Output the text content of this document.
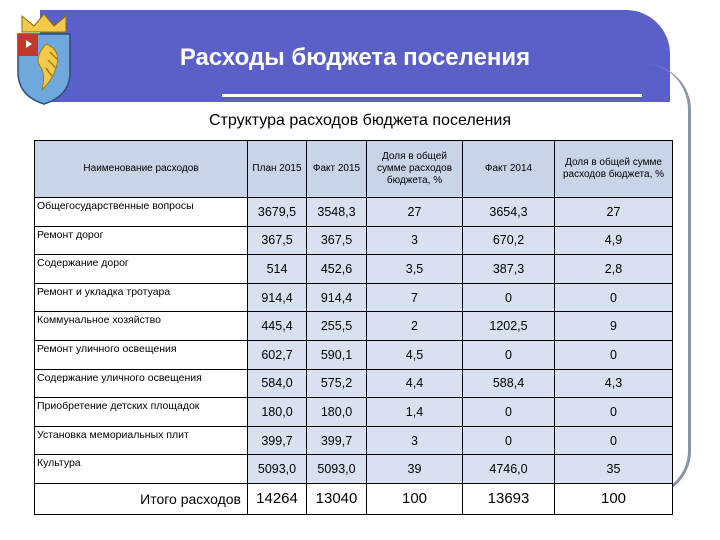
Расходы бюджета поселения
Структура расходов бюджета поселения
Наименование расходов	План 2015	Факт 2015	Доля в общей сумме расходов бюджета, %	Факт 2014	Доля в общей сумме расходов бюджета, %
Общегосударственные вопросы	3679,5	3548,3	27	3654,3	27
Ремонт дорог	367,5	367,5	3	670,2	4,9
Содержание дорог	514	452,6	3,5	387,3	2,8
Ремонт и укладка тротуара	914,4	914,4	7	0	0
Коммунальное хозяйство	445,4	255,5	2	1202,5	9
Ремонт уличного освещения	602,7	590,1	4,5	0	0
Содержание уличного освещения	584,0	575,2	4,4	588,4	4,3
Приобретение детских площадок	180,0	180,0	1,4	0	0
Установка мемориальных плит	399,7	399,7	3	0	0
Культура	5093,0	5093,0	39	4746,0	35
Итого расходов	14264	13040	100	13693	100
